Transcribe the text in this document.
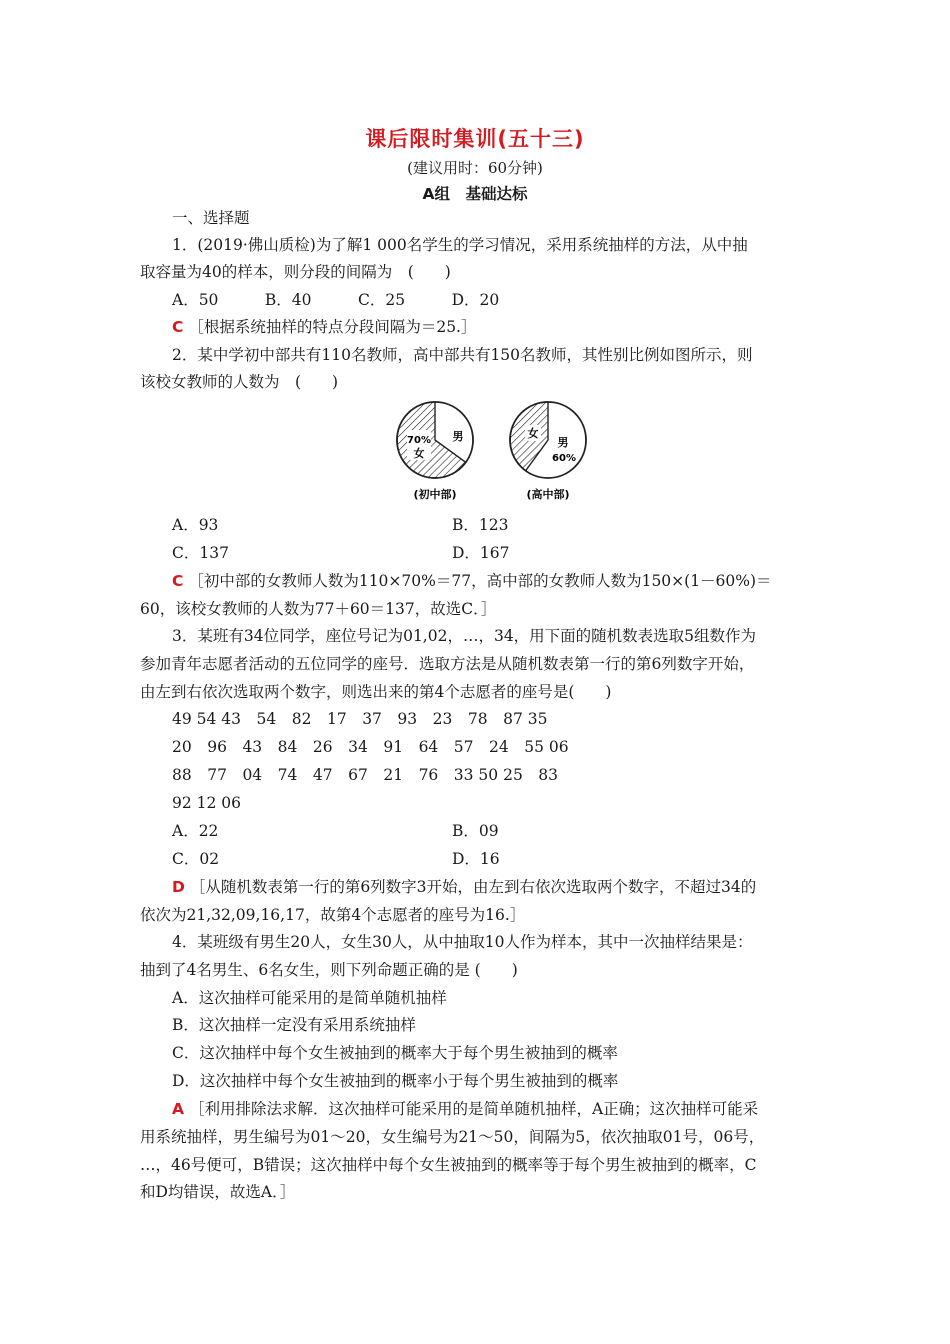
课后限时集训(五十三)
(建议用时：60分钟)
A组　基础达标
一、选择题
1．(2019·佛山质检)为了解1 000名学生的学习情况，采用系统抽样的方法，从中抽
取容量为40的样本，则分段的间隔为　(　　)
A．50　　　B．40　　　C．25　　　D．20
C ［根据系统抽样的特点分段间隔为＝25.］
2．某中学初中部共有110名教师，高中部共有150名教师，其性别比例如图所示，则
该校女教师的人数为　(　　)
70%
女
男
(初中部)
女
男
60%
(高中部)
A．93	B．123
C．137	D．167
C ［初中部的女教师人数为110×70%＝77，高中部的女教师人数为150×(1－60%)＝
60，该校女教师的人数为77＋60＝137，故选C．］
3．某班有34位同学，座位号记为01,02，…，34，用下面的随机数表选取5组数作为
参加青年志愿者活动的五位同学的座号．选取方法是从随机数表第一行的第6列数字开始，
由左到右依次选取两个数字，则选出来的第4个志愿者的座号是(　　)
49 54 43　54　82　17　37　93　23　78　87 35
20　96　43　84　26　34　91　64　57　24　55 06
88　77　04　74　47　67　21　76　33 50 25　83
92 12 06
A．22	B．09
C．02	D．16
D ［从随机数表第一行的第6列数字3开始，由左到右依次选取两个数字，不超过34的
依次为21,32,09,16,17，故第4个志愿者的座号为16.］
4．某班级有男生20人，女生30人，从中抽取10人作为样本，其中一次抽样结果是：
抽到了4名男生、6名女生，则下列命题正确的是 (　　)
A．这次抽样可能采用的是简单随机抽样
B．这次抽样一定没有采用系统抽样
C．这次抽样中每个女生被抽到的概率大于每个男生被抽到的概率
D．这次抽样中每个女生被抽到的概率小于每个男生被抽到的概率
A ［利用排除法求解．这次抽样可能采用的是简单随机抽样，A正确；这次抽样可能采
用系统抽样，男生编号为01～20，女生编号为21～50，间隔为5，依次抽取01号，06号，
…，46号便可，B错误；这次抽样中每个女生被抽到的概率等于每个男生被抽到的概率，C
和D均错误，故选A．］
